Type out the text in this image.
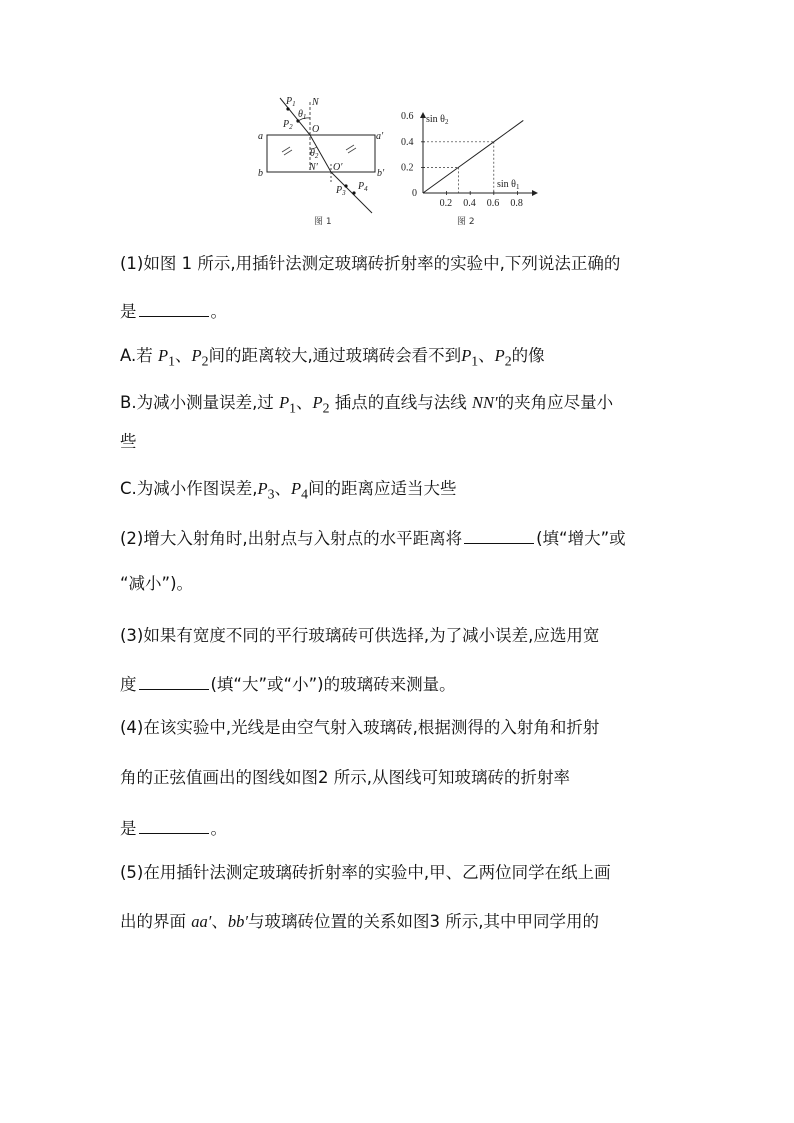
$P_1$ N
$\theta_1$
$P_2$ O
a	a′
$\theta_2$
N′ O′
b	b′
$P_3$
$P_4$
图 1
0.2
0.4
0.6
0.2 0.4 0.6 0.8
$\sin \theta_2$
$\sin \theta_1$
0
图 2
(1)如图 1 所示,用插针法测定玻璃砖折射率的实验中,下列说法正确的
是	。
A.若 $P_1$、$P_2$间的距离较大,通过玻璃砖会看不到$P_1$、$P_2$的像
B.为减小测量误差,过 $P_1$、$P_2$ 插点的直线与法线 NN′的夹角应尽量小
些
C.为减小作图误差$,P_3$、$P_4$间的距离应适当大些
(2)增大入射角时,出射点与入射点的水平距离将	(填“增大”或
“减小”)。
(3)如果有宽度不同的平行玻璃砖可供选择,为了减小误差,应选用宽
度	(填“大”或“小”)的玻璃砖来测量。
(4)在该实验中,光线是由空气射入玻璃砖,根据测得的入射角和折射
角的正弦值画出的图线如图2 所示,从图线可知玻璃砖的折射率
是	。
(5)在用插针法测定玻璃砖折射率的实验中,甲、乙两位同学在纸上画
出的界面 aa′、bb′与玻璃砖位置的关系如图3 所示,其中甲同学用的
